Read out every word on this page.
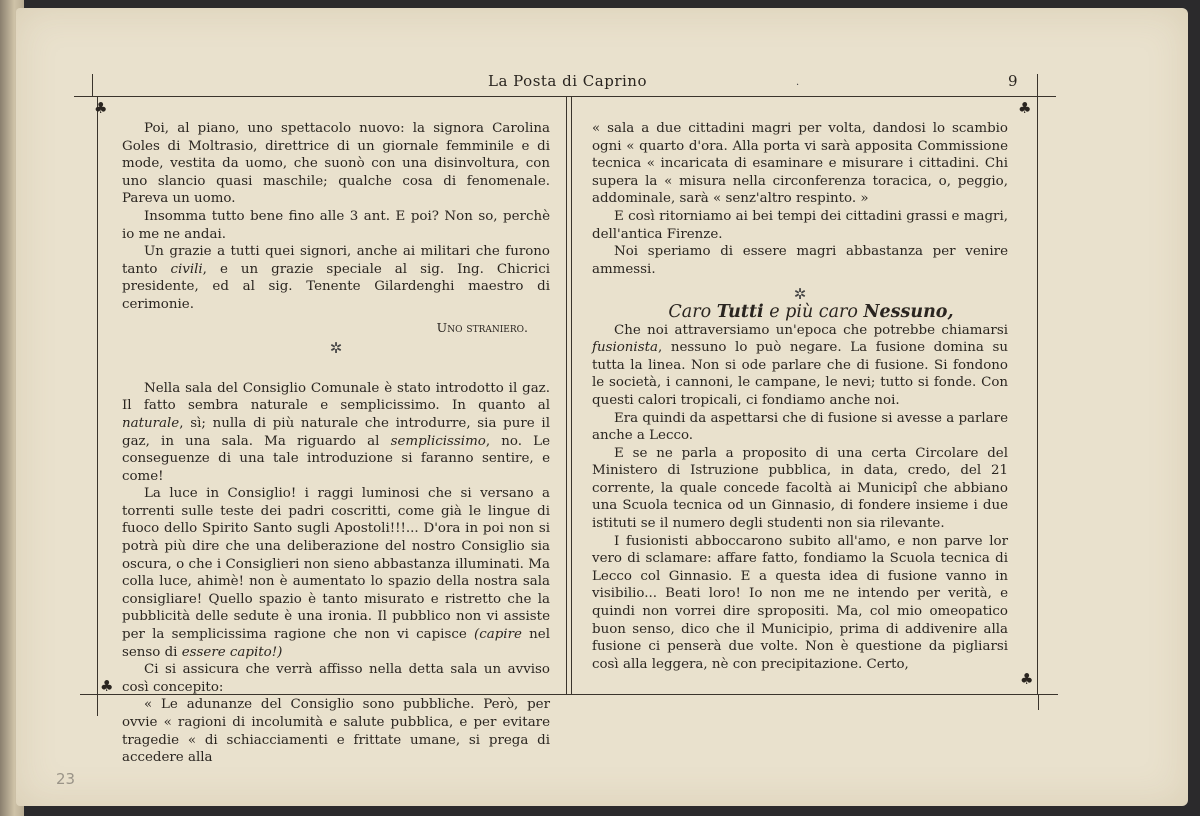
La Posta di Caprino	9
·
♣	♣
♣	♣

Poi, al piano, uno spettacolo nuovo: la signora Carolina Goles di Moltrasio, direttrice di un giornale femminile e di mode, vestita da uomo, che suonò con una disinvoltura, con uno slancio quasi maschile; qualche cosa di fenomenale. Pareva un uomo.

Insomma tutto bene fino alle 3 ant. E poi? Non so, perchè io me ne andai.

Un grazie a tutti quei signori, anche ai militari che furono tanto civili, e un grazie speciale al sig. Ing. Chicrici presidente, ed al sig. Tenente Gilardenghi maestro di cerimonie.

Uno straniero.

✲

Nella sala del Consiglio Comunale è stato introdotto il gaz. Il fatto sembra naturale e semplicissimo. In quanto al naturale, sì; nulla di più naturale che introdurre, sia pure il gaz, in una sala. Ma riguardo al semplicissimo, no. Le conseguenze di una tale introduzione si faranno sentire, e come!

La luce in Consiglio! i raggi luminosi che si versano a torrenti sulle teste dei padri coscritti, come già le lingue di fuoco dello Spirito Santo sugli Apostoli!!!... D'ora in poi non si potrà più dire che una deliberazione del nostro Consiglio sia oscura, o che i Consiglieri non sieno abbastanza illuminati. Ma colla luce, ahimè! non è aumentato lo spazio della nostra sala consigliare! Quello spazio è tanto misurato e ristretto che la pubblicità delle sedute è una ironia. Il pubblico non vi assiste per la semplicissima ragione che non vi capisce (capire nel senso di essere capito!)

Ci si assicura che verrà affisso nella detta sala un avviso così concepito:

« Le adunanze del Consiglio sono pubbliche. Però, per ovvie « ragioni di incolumità e salute pubblica, e per evitare tragedie « di schiacciamenti e frittate umane, si prega di accedere alla

« sala a due cittadini magri per volta, dandosi lo scambio ogni « quarto d'ora. Alla porta vi sarà apposita Commissione tecnica « incaricata di esaminare e misurare i cittadini. Chi supera la « misura nella circonferenza toracica, o, peggio, addominale, sarà « senz'altro respinto. »

E così ritorniamo ai bei tempi dei cittadini grassi e magri, dell'antica Firenze.

Noi speriamo di essere magri abbastanza per venire ammessi.

✲

Caro Tutti e più caro Nessuno,

Che noi attraversiamo un'epoca che potrebbe chiamarsi fusionista, nessuno lo può negare. La fusione domina su tutta la linea. Non si ode parlare che di fusione. Si fondono le società, i cannoni, le campane, le nevi; tutto si fonde. Con questi calori tropicali, ci fondiamo anche noi.

Era quindi da aspettarsi che di fusione si avesse a parlare anche a Lecco.

E se ne parla a proposito di una certa Circolare del Ministero di Istruzione pubblica, in data, credo, del 21 corrente, la quale concede facoltà ai Municipî che abbiano una Scuola tecnica od un Ginnasio, di fondere insieme i due istituti se il numero degli studenti non sia rilevante.

I fusionisti abboccarono subito all'amo, e non parve lor vero di sclamare: affare fatto, fondiamo la Scuola tecnica di Lecco col Ginnasio. E a questa idea di fusione vanno in visibilio... Beati loro! Io non me ne intendo per verità, e quindi non vorrei dire spropositi. Ma, col mio omeopatico buon senso, dico che il Municipio, prima di addivenire alla fusione ci penserà due volte. Non è questione da pigliarsi così alla leggera, nè con precipitazione. Certo,

23
